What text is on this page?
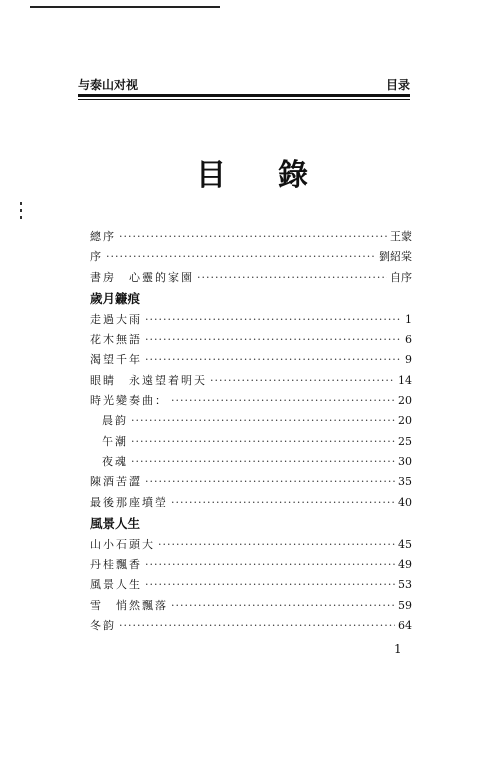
与泰山对视	目录
目錄
總序 ·····	王蒙
序 ·····	劉紹棠
書房　心靈的家園 ·····	自序
歲月鐮痕
走過大雨 ·····	1
花木無語 ·····	6
渴望千年 ·····	9
眼睛　永遠望着明天 ·····	14
時光變奏曲： ·····	20
晨韵 ·····	20
午潮 ·····	25
夜魂 ·····	30
陳酒苦澀 ·····	35
最後那座墳塋 ·····	40
風景人生
山小石頭大 ·····	45
丹桂飄香 ·····	49
風景人生 ·····	53
雪　悄然飄落 ·····	59
冬韵 ·····	64
1
